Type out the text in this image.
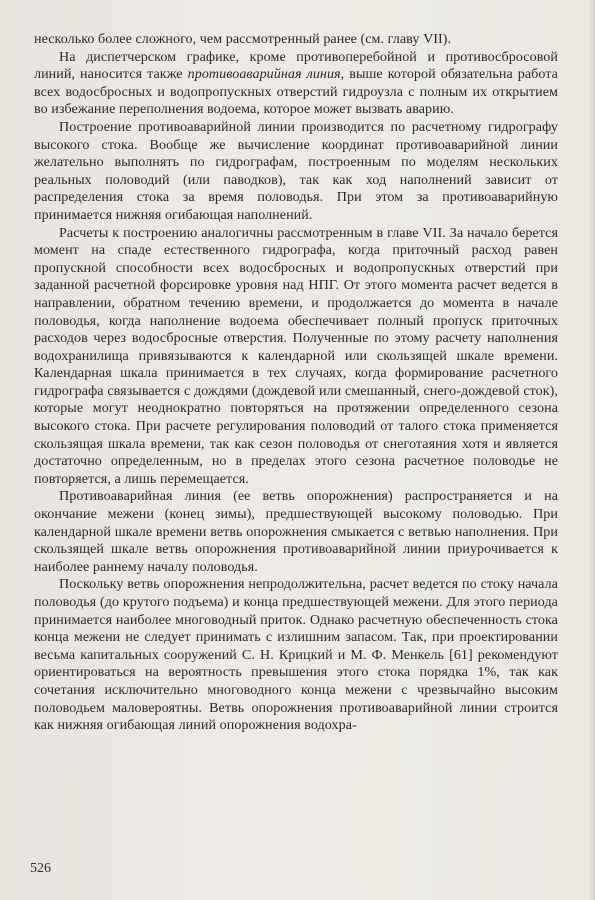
несколько более сложного, чем рассмотренный ранее (см. главу VII).

На диспетчерском графике, кроме противоперебойной и противосбросовой линий, наносится также противоаварийная линия, выше которой обязательна работа всех водосбросных и водопропускных отверстий гидроузла с полным их открытием во избежание переполнения водоема, которое может вызвать аварию.

Построение противоаварийной линии производится по расчетному гидрографу высокого стока. Вообще же вычисление координат противоаварийной линии желательно выполнять по гидрографам, построенным по моделям нескольких реальных половодий (или паводков), так как ход наполнений зависит от распределения стока за время половодья. При этом за противоаварийную принимается нижняя огибающая наполнений.

Расчеты к построению аналогичны рассмотренным в главе VII. За начало берется момент на спаде естественного гидрографа, когда приточный расход равен пропускной способности всех водосбросных и водопропускных отверстий при заданной расчетной форсировке уровня над НПГ. От этого момента расчет ведется в направлении, обратном течению времени, и продолжается до момента в начале половодья, когда наполнение водоема обеспечивает полный пропуск приточных расходов через водосбросные отверстия. Полученные по этому расчету наполнения водохранилища привязываются к календарной или скользящей шкале времени. Календарная шкала принимается в тех случаях, когда формирование расчетного гидрографа связывается с дождями (дождевой или смешанный, снего-дождевой сток), которые могут неоднократно повторяться на протяжении определенного сезона высокого стока. При расчете регулирования половодий от талого стока применяется скользящая шкала времени, так как сезон половодья от снеготаяния хотя и является достаточно определенным, но в пределах этого сезона расчетное половодье не повторяется, а лишь перемещается.

Противоаварийная линия (ее ветвь опорожнения) распространяется и на окончание межени (конец зимы), предшествующей высокому половодью. При календарной шкале времени ветвь опорожнения смыкается с ветвью наполнения. При скользящей шкале ветвь опорожнения противоаварийной линии приурочивается к наиболее раннему началу половодья.

Поскольку ветвь опорожнения непродолжительна, расчет ведется по стоку начала половодья (до крутого подъема) и конца предшествующей межени. Для этого периода принимается наиболее многоводный приток. Однако расчетную обеспеченность стока конца межени не следует принимать с излишним запасом. Так, при проектировании весьма капитальных сооружений С. Н. Крицкий и М. Ф. Менкель [61] рекомендуют ориентироваться на вероятность превышения этого стока порядка 1%, так как сочетания исключительно многоводного конца межени с чрезвычайно высоким половодьем маловероятны. Ветвь опорожнения противоаварийной линии строится как нижняя огибающая линий опорожнения водохра-

526
